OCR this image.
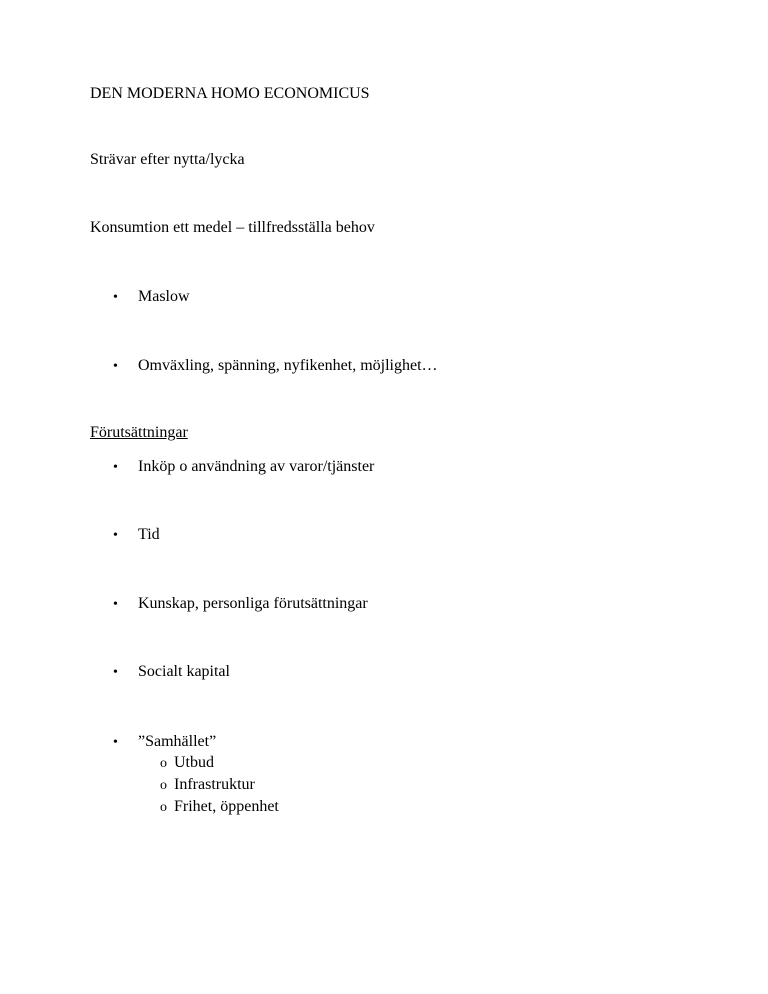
DEN MODERNA HOMO ECONOMICUS
Strävar efter nytta/lycka
Konsumtion ett medel – tillfredsställa behov
• Maslow
• Omväxling, spänning, nyfikenhet, möjlighet…
Förutsättningar
• Inköp o användning av varor/tjänster
• Tid
• Kunskap, personliga förutsättningar
• Socialt kapital
• ”Samhället”
o Utbud
o Infrastruktur
o Frihet, öppenhet
